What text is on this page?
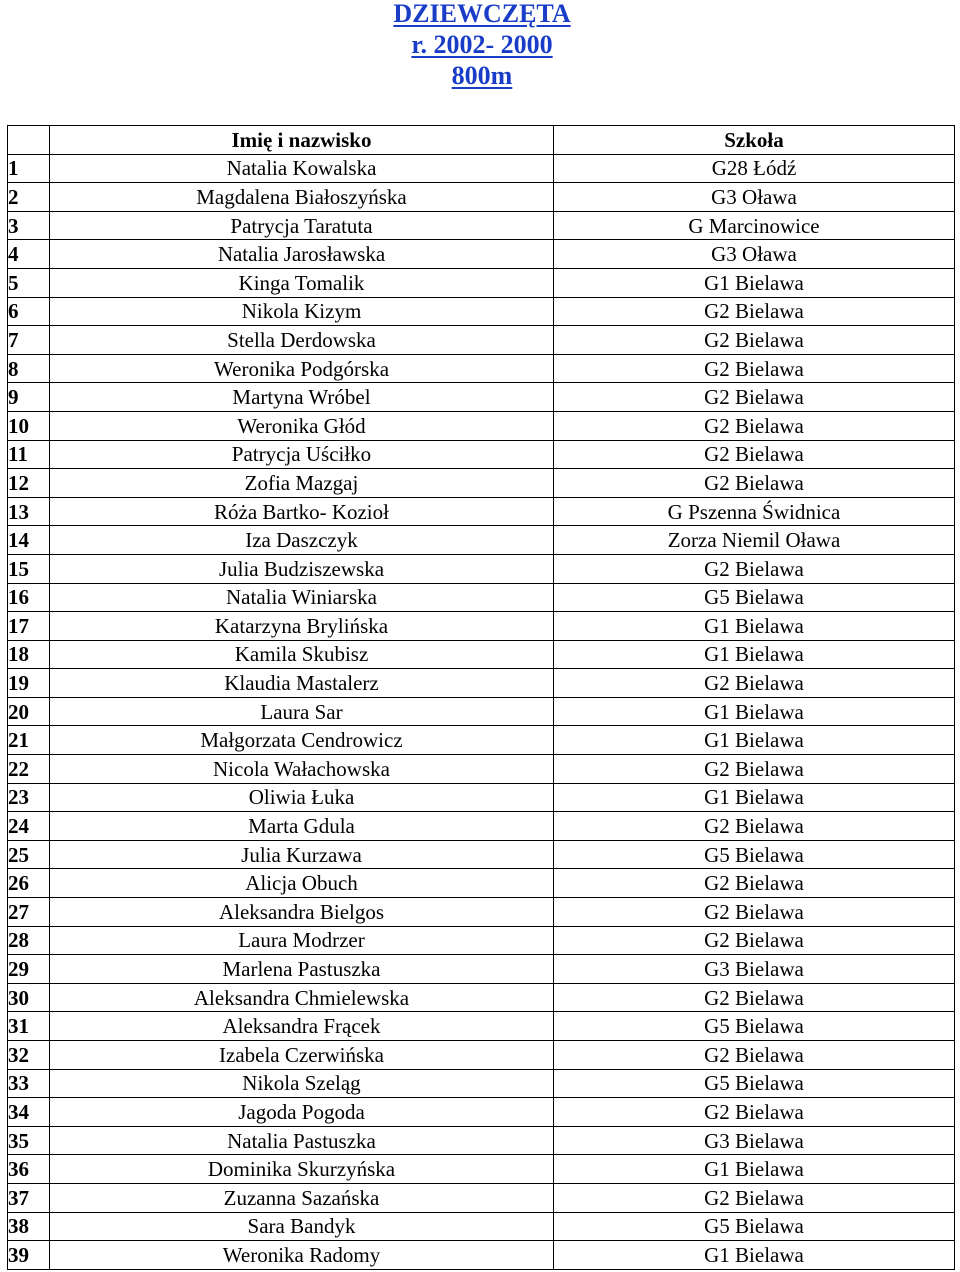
DZIEWCZĘTA
r. 2002- 2000
800m
	Imię i nazwisko	Szkoła
1	Natalia Kowalska	G28 Łódź
2	Magdalena Białoszyńska	G3 Oława
3	Patrycja Taratuta	G Marcinowice
4	Natalia Jarosławska	G3 Oława
5	Kinga Tomalik	G1 Bielawa
6	Nikola Kizym	G2 Bielawa
7	Stella Derdowska	G2 Bielawa
8	Weronika Podgórska	G2 Bielawa
9	Martyna Wróbel	G2 Bielawa
10	Weronika Głód	G2 Bielawa
11	Patrycja Uściłko	G2 Bielawa
12	Zofia Mazgaj	G2 Bielawa
13	Róża Bartko- Kozioł	G Pszenna Świdnica
14	Iza Daszczyk	Zorza Niemil Oława
15	Julia Budziszewska	G2 Bielawa
16	Natalia Winiarska	G5 Bielawa
17	Katarzyna Brylińska	G1 Bielawa
18	Kamila Skubisz	G1 Bielawa
19	Klaudia Mastalerz	G2 Bielawa
20	Laura Sar	G1 Bielawa
21	Małgorzata Cendrowicz	G1 Bielawa
22	Nicola Wałachowska	G2 Bielawa
23	Oliwia Łuka	G1 Bielawa
24	Marta Gdula	G2 Bielawa
25	Julia Kurzawa	G5 Bielawa
26	Alicja Obuch	G2 Bielawa
27	Aleksandra Bielgos	G2 Bielawa
28	Laura Modrzer	G2 Bielawa
29	Marlena Pastuszka	G3 Bielawa
30	Aleksandra Chmielewska	G2 Bielawa
31	Aleksandra Frącek	G5 Bielawa
32	Izabela Czerwińska	G2 Bielawa
33	Nikola Szeląg	G5 Bielawa
34	Jagoda Pogoda	G2 Bielawa
35	Natalia Pastuszka	G3 Bielawa
36	Dominika Skurzyńska	G1 Bielawa
37	Zuzanna Sazańska	G2 Bielawa
38	Sara Bandyk	G5 Bielawa
39	Weronika Radomy	G1 Bielawa
